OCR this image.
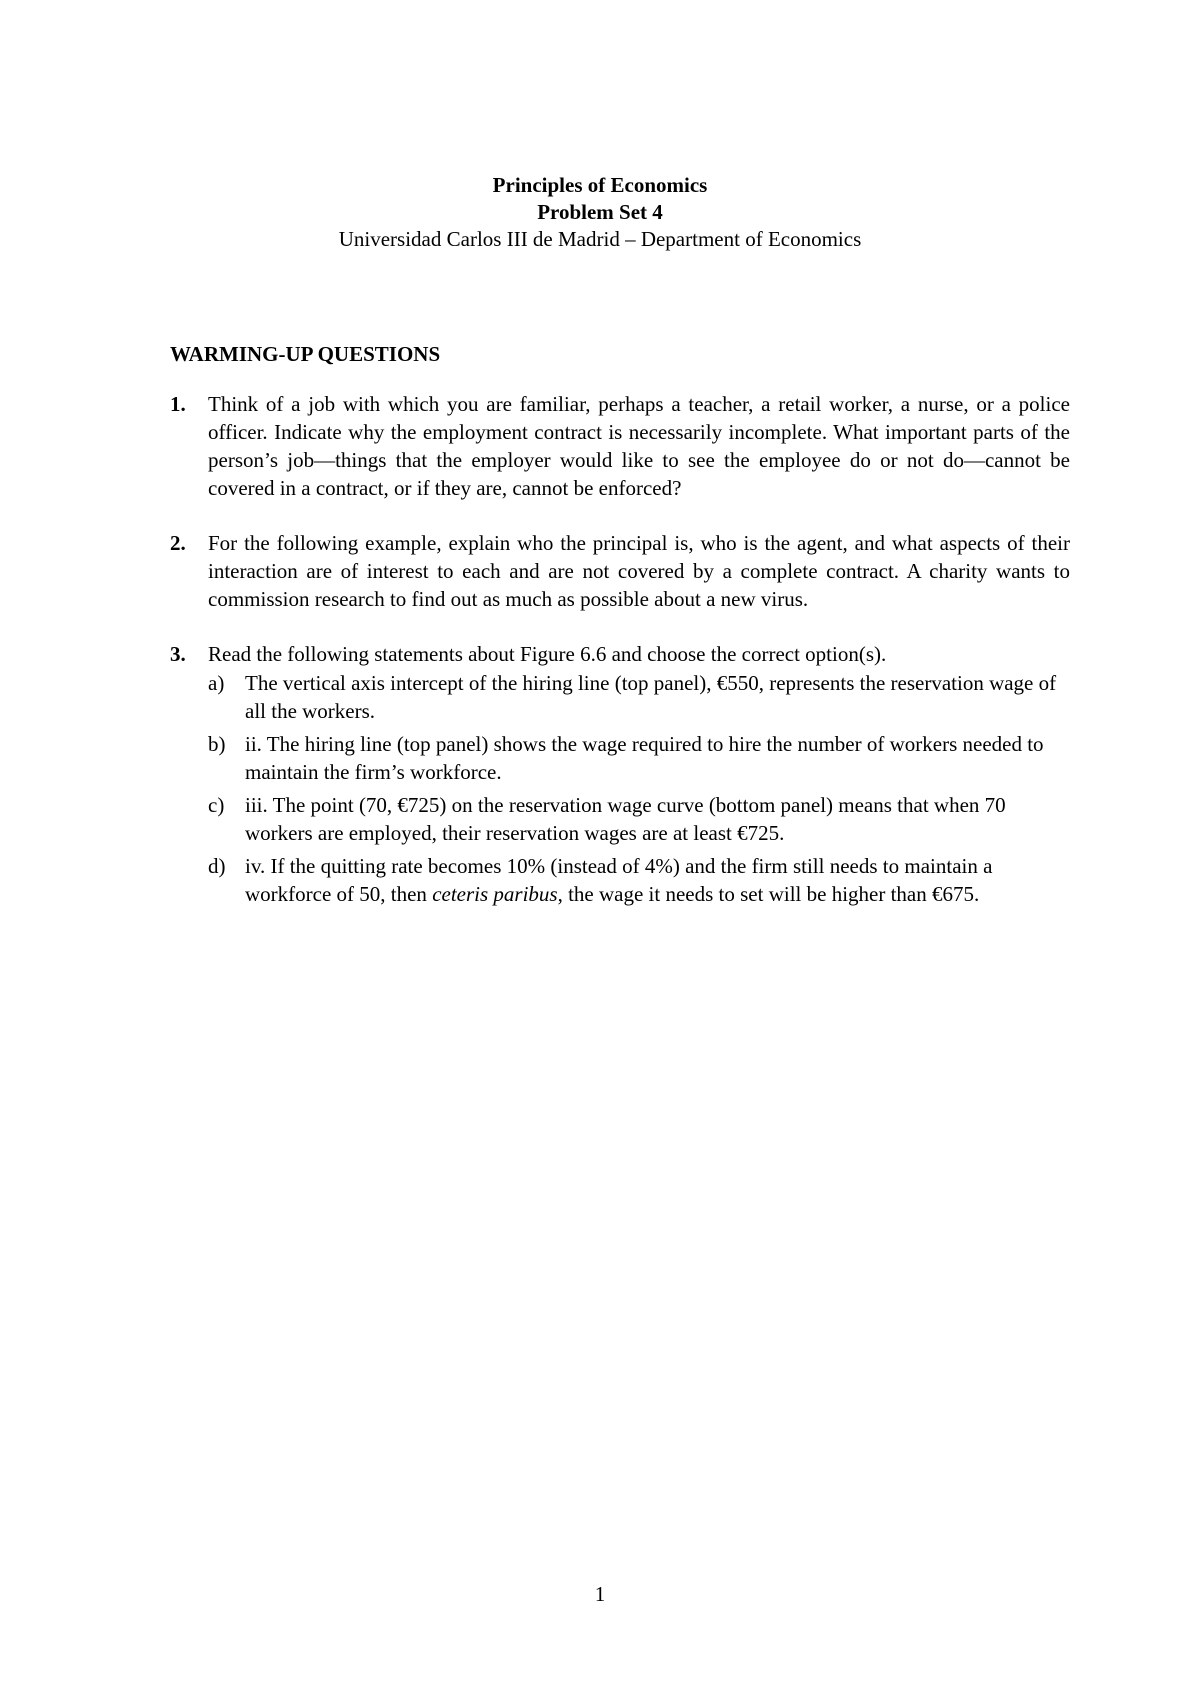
Principles of Economics
Problem Set 4
Universidad Carlos III de Madrid – Department of Economics
WARMING-UP QUESTIONS
1. Think of a job with which you are familiar, perhaps a teacher, a retail worker, a nurse, or a police officer. Indicate why the employment contract is necessarily incomplete. What important parts of the person’s job—things that the employer would like to see the employee do or not do—cannot be covered in a contract, or if they are, cannot be enforced?
2. For the following example, explain who the principal is, who is the agent, and what aspects of their interaction are of interest to each and are not covered by a complete contract. A charity wants to commission research to find out as much as possible about a new virus.
3. Read the following statements about Figure 6.6 and choose the correct option(s).
a) The vertical axis intercept of the hiring line (top panel), €550, represents the reservation wage of all the workers.
b) ii. The hiring line (top panel) shows the wage required to hire the number of workers needed to maintain the firm’s workforce.
c) iii. The point (70, €725) on the reservation wage curve (bottom panel) means that when 70 workers are employed, their reservation wages are at least €725.
d) iv. If the quitting rate becomes 10% (instead of 4%) and the firm still needs to maintain a workforce of 50, then ceteris paribus, the wage it needs to set will be higher than €675.
1
